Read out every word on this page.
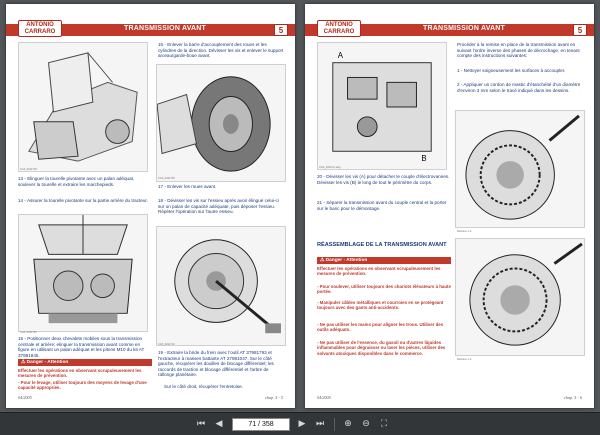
ANTONIO
CARRARO	TRANSMISSION AVANT	5
CAS_0011718
13 - Elinguer la tourelle pivotante avec un palan adéquat, soulever la tourelle et extraire les marchepieds.
14 - Assurer la tourelle pivotante sur la partie arrière du tracteur.
CAS_0011733
15 - Positionner deux chevalets mobiles sous la transmission centrale et arrière; elinguer la transmission avant comme en figure en utilisant un palan adéquat et les pitons M10 du kit AT 37981845.
⚠ Danger - Attention
Effectuer les opérations en observant scrupuleusement les mesures de prévention.
- Pour le levage, utiliser toujours des moyens de levage d'une capacité appropriée.
16 - Enlever la barre d'accouplement des roues et les cylindres de la direction. Dévisser les vis et enlever le support arceau/garde-boue avant.
CAS_0011745
17 - Enlever les roues avant.
18 - Dévisser les vis sur l'essieu après avoir élingué celui-ci sur un palan de capacité adéquate, puis déposer l'essieu. Répéter l'opération sur l'autre essieu.
CAS_0011716
19 - Extraire la bride du frein avec l'outil AT 37981793 et l'extracteur à masses battante AT 27981047. Sur le côté gauche, récupérer les douilles de blocage différentiel; les raccords de traction et blocage différentiel et l'arbre de rallonge planétaire.
Sur le côté droit, récupérer l'entretoise.
04/2005	chap. 5 - 5
ANTONIO
CARRARO	TRANSMISSION AVANT	5
A
B
CAS_0046-fin.dwg
20 - Dévisser les vis (A) pour détacher le couple d'électrovannes. Dévisser les vis (B) le long de tout le périmètre du corps.
21 - Séparer la transmission avant du couple central et la porter sur le banc pour le démontage.
RÉASSEMBLAGE DE LA TRANSMISSION AVANT
⚠ Danger - Attention
Effectuer les opérations en observant scrupuleusement les mesures de prévention.
- Pour soulever, utiliser toujours des chariots élévateurs à haute portée.
- Manipuler câbles métalliques et courroies en se protégeant toujours avec des gants anti-accidents.
- Ne pas utiliser les mains pour aligner les trous. Utiliser des outils adéquats.
- Ne pas utiliser de l'essence, du gasoil ou d'autres liquides inflammables pour dégraisser ou laver les pièces, utiliser des solvants atoxiques disponibles dans le commerce.
Procéder à la remise en place de la transmission avant en suivant l'ordre inverse des phases de décrochage, en tenant compte des instructions suivantes:
1 - Nettoyer soigneusement les surfaces à accoupler.
2 - Appliquer un cordon de mastic d'étanchéité d'un diamètre d'environ 3 mm selon le tracé indiqué dans les dessins.
Rattrace 1-0
Rattrace 1-0
04/2005	chap. 5 - 6
⏮ ◀	71 / 358	▶ ⏭ ⊕ ⊖	⛶
